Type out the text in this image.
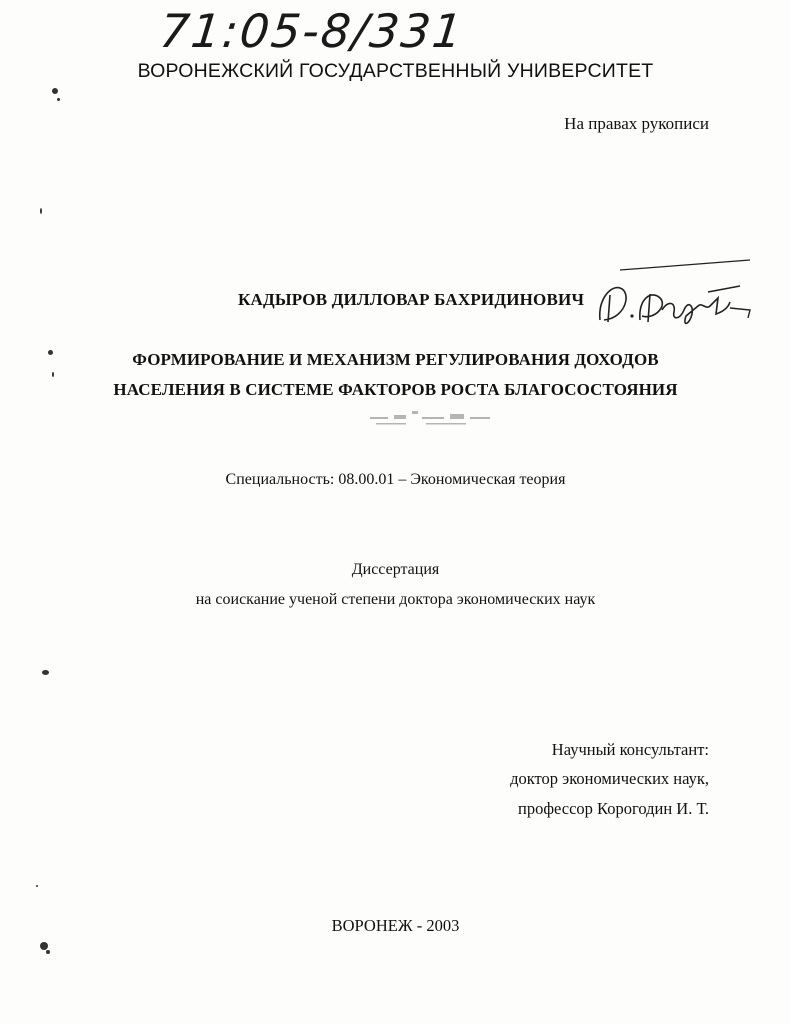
71:05-8/331
ВОРОНЕЖСКИЙ ГОСУДАРСТВЕННЫЙ УНИВЕРСИТЕТ
На правах рукописи
КАДЫРОВ ДИЛЛОВАР БАХРИДИНОВИЧ
ФОРМИРОВАНИЕ И МЕХАНИЗМ РЕГУЛИРОВАНИЯ ДОХОДОВ
НАСЕЛЕНИЯ В СИСТЕМЕ ФАКТОРОВ РОСТА БЛАГОСОСТОЯНИЯ
Специальность: 08.00.01 – Экономическая теория
Диссертация
на соискание ученой степени доктора экономических наук
Научный консультант:
доктор экономических наук,
профессор Корогодин И. Т.
ВОРОНЕЖ - 2003
